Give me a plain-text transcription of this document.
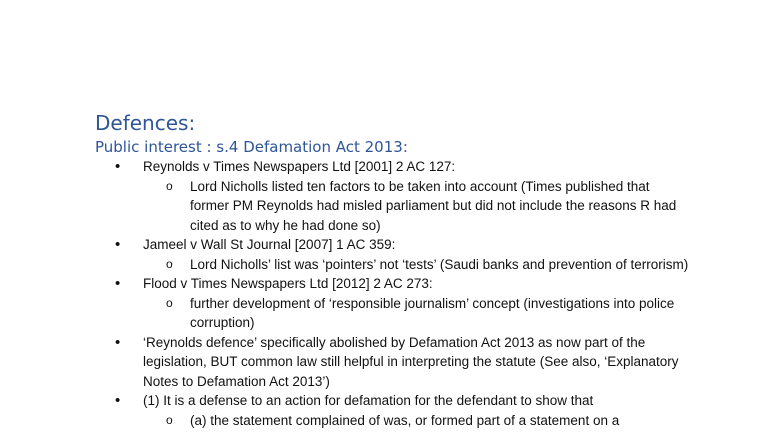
Defences:
Public interest : s.4 Defamation Act 2013:
• Reynolds v Times Newspapers Ltd [2001] 2 AC 127:
o Lord Nicholls listed ten factors to be taken into account (Times published that former PM Reynolds had misled parliament but did not include the reasons R had cited as to why he had done so)
• Jameel v Wall St Journal [2007] 1 AC 359:
o Lord Nicholls’ list was ‘pointers’ not ‘tests’ (Saudi banks and prevention of terrorism)
• Flood v Times Newspapers Ltd [2012] 2 AC 273:
o further development of ‘responsible journalism’ concept (investigations into police corruption)
• ‘Reynolds defence’ specifically abolished by Defamation Act 2013 as now part of the legislation, BUT common law still helpful in interpreting the statute (See also, ‘Explanatory Notes to Defamation Act 2013’)
• (1) It is a defense to an action for defamation for the defendant to show that
o (a) the statement complained of was, or formed part of a statement on a
